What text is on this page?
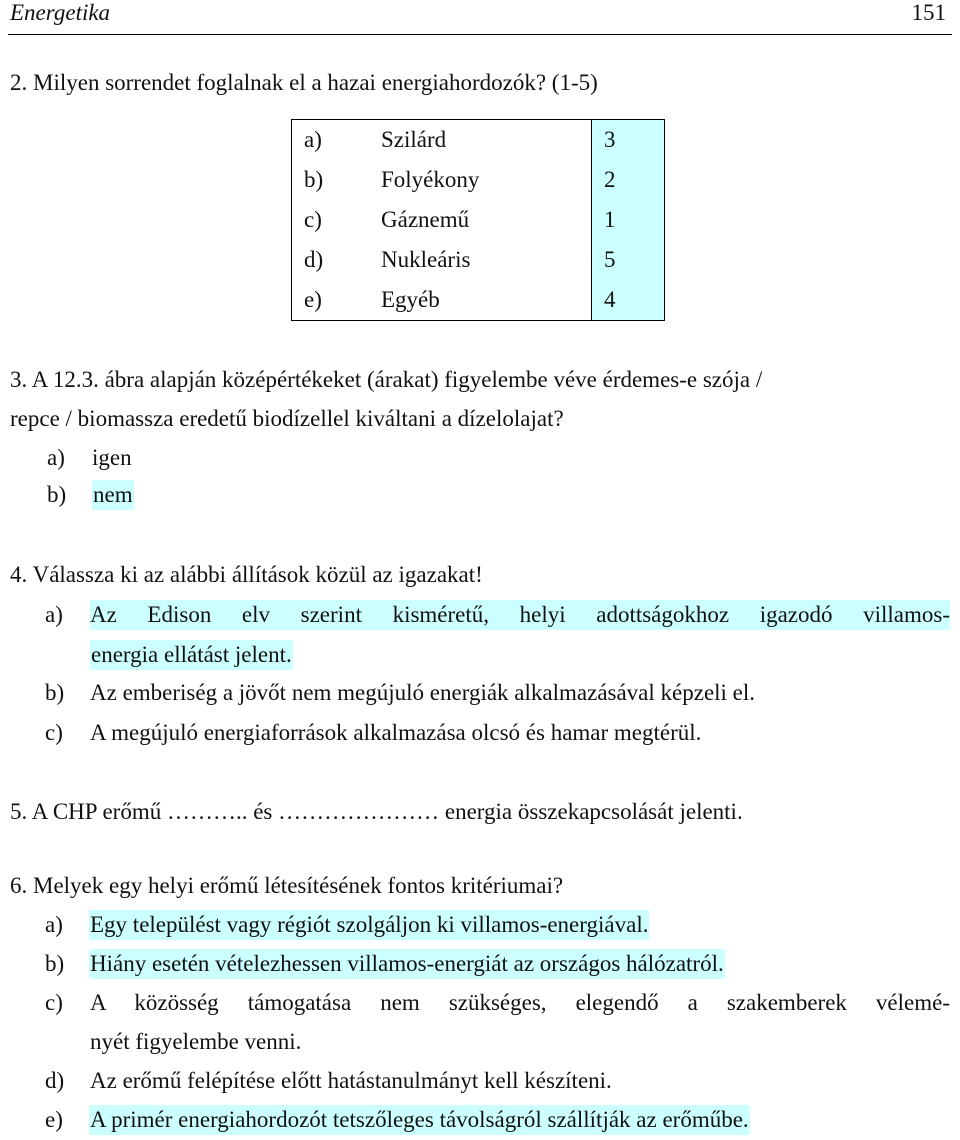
Energetika	151
2. Milyen sorrendet foglalnak el a hazai energiahordozók? (1-5)
a)	Szilárd	3
b)	Folyékony	2
c)	Gáznemű	1
d)	Nukleáris	5
e)	Egyéb	4
3. A 12.3. ábra alapján középértékeket (árakat) figyelembe véve érdemes-e szója /
repce / biomassza eredetű biodízellel kiváltani a dízelolajat?
a) igen
b) nem
4. Válassza ki az alábbi állítások közül az igazakat!
a) Az Edison elv szerint kisméretű, helyi adottságokhoz igazodó villamos-
energia ellátást jelent.
b) Az emberiség a jövőt nem megújuló energiák alkalmazásával képzeli el.
c) A megújuló energiaforrások alkalmazása olcsó és hamar megtérül.
5. A CHP erőmű ……….. és ………………… energia összekapcsolását jelenti.
6. Melyek egy helyi erőmű létesítésének fontos kritériumai?
a) Egy települést vagy régiót szolgáljon ki villamos-energiával.
b) Hiány esetén vételezhessen villamos-energiát az országos hálózatról.
c) A közösség támogatása nem szükséges, elegendő a szakemberek vélemé-
nyét figyelembe venni.
d) Az erőmű felépítése előtt hatástanulmányt kell készíteni.
e) A primér energiahordozót tetszőleges távolságról szállítják az erőműbe.
